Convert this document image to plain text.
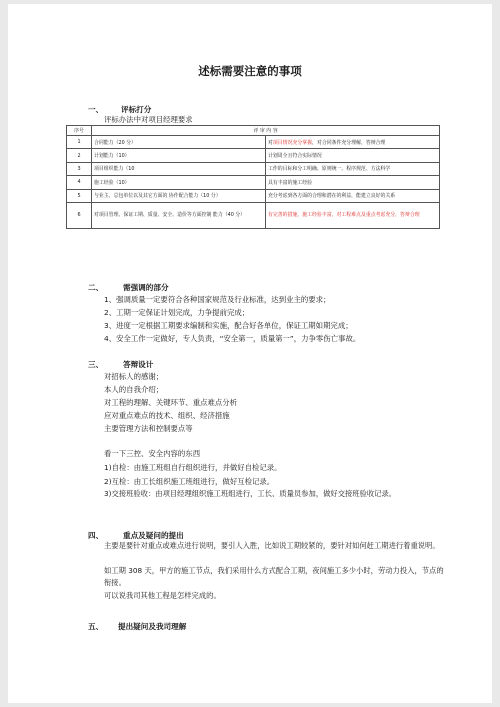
述标需要注意的事项
一、 评标打分
评标办法中对项目经理要求
序号	评 审 内 容	
1	合同能力（20 分）	对项目情况充分掌握，对合同条件充分理解，答辩合理
2	计划能力（10）	计划周全且符合实际情况
3	项目组织能力（10	工作的目标和分工明确、原则统一、程序规范、方法科学
4	施工经验（10）	具有丰富的施工经验
5	与业主、总包单位以及其它方面的 协作配合能力（10 分）	充分考虑到各方面的合理和潜在的利益，能建立良好的关系
6	对项目管理、保证工期、质量、安全、造价等方面控制 能力（40 分）	有完善的措施，施工经验丰富，对工程难点及重点考虑充分，答辩合理
二、	需强调的部分
1、强调质量一定要符合各种国家规范及行业标准，达到业主的要求；
2、工期一定保证计划完成，力争提前完成；
3、进度一定根据工期要求编制和实施，配合好各单位，保证工期如期完成；
4、安全工作一定做好，专人负责，“安全第一，质量第一”，力争零伤亡事故。
三、	答辩设计
对招标人的感谢；
本人的自我介绍；
对工程的理解、关键环节、重点难点分析
应对重点难点的技术、组织、经济措施
主要管理方法和控制要点等
看一下三控、安全内容的东西
1)自检：由施工班组自行组织进行，并做好自检记录。
2)互检：由工长组织施工班组进行，做好互检记录。
3)交接班验收：由项目经理组织施工班组进行，工长、质量员参加，做好交接班验收记录。
四、	重点及疑问的提出
主要是要针对重点或难点进行说明，要引人入胜，比如说工期较紧的，要针对如何赶工期进行着重说明。
如工期 308 天，甲方的施工节点，我们采用什么方式配合工期，夜间施工多少小时，劳动力投入，节点的衔接。
可以说我司其他工程是怎样完成的。
五、 提出疑问及我司理解
